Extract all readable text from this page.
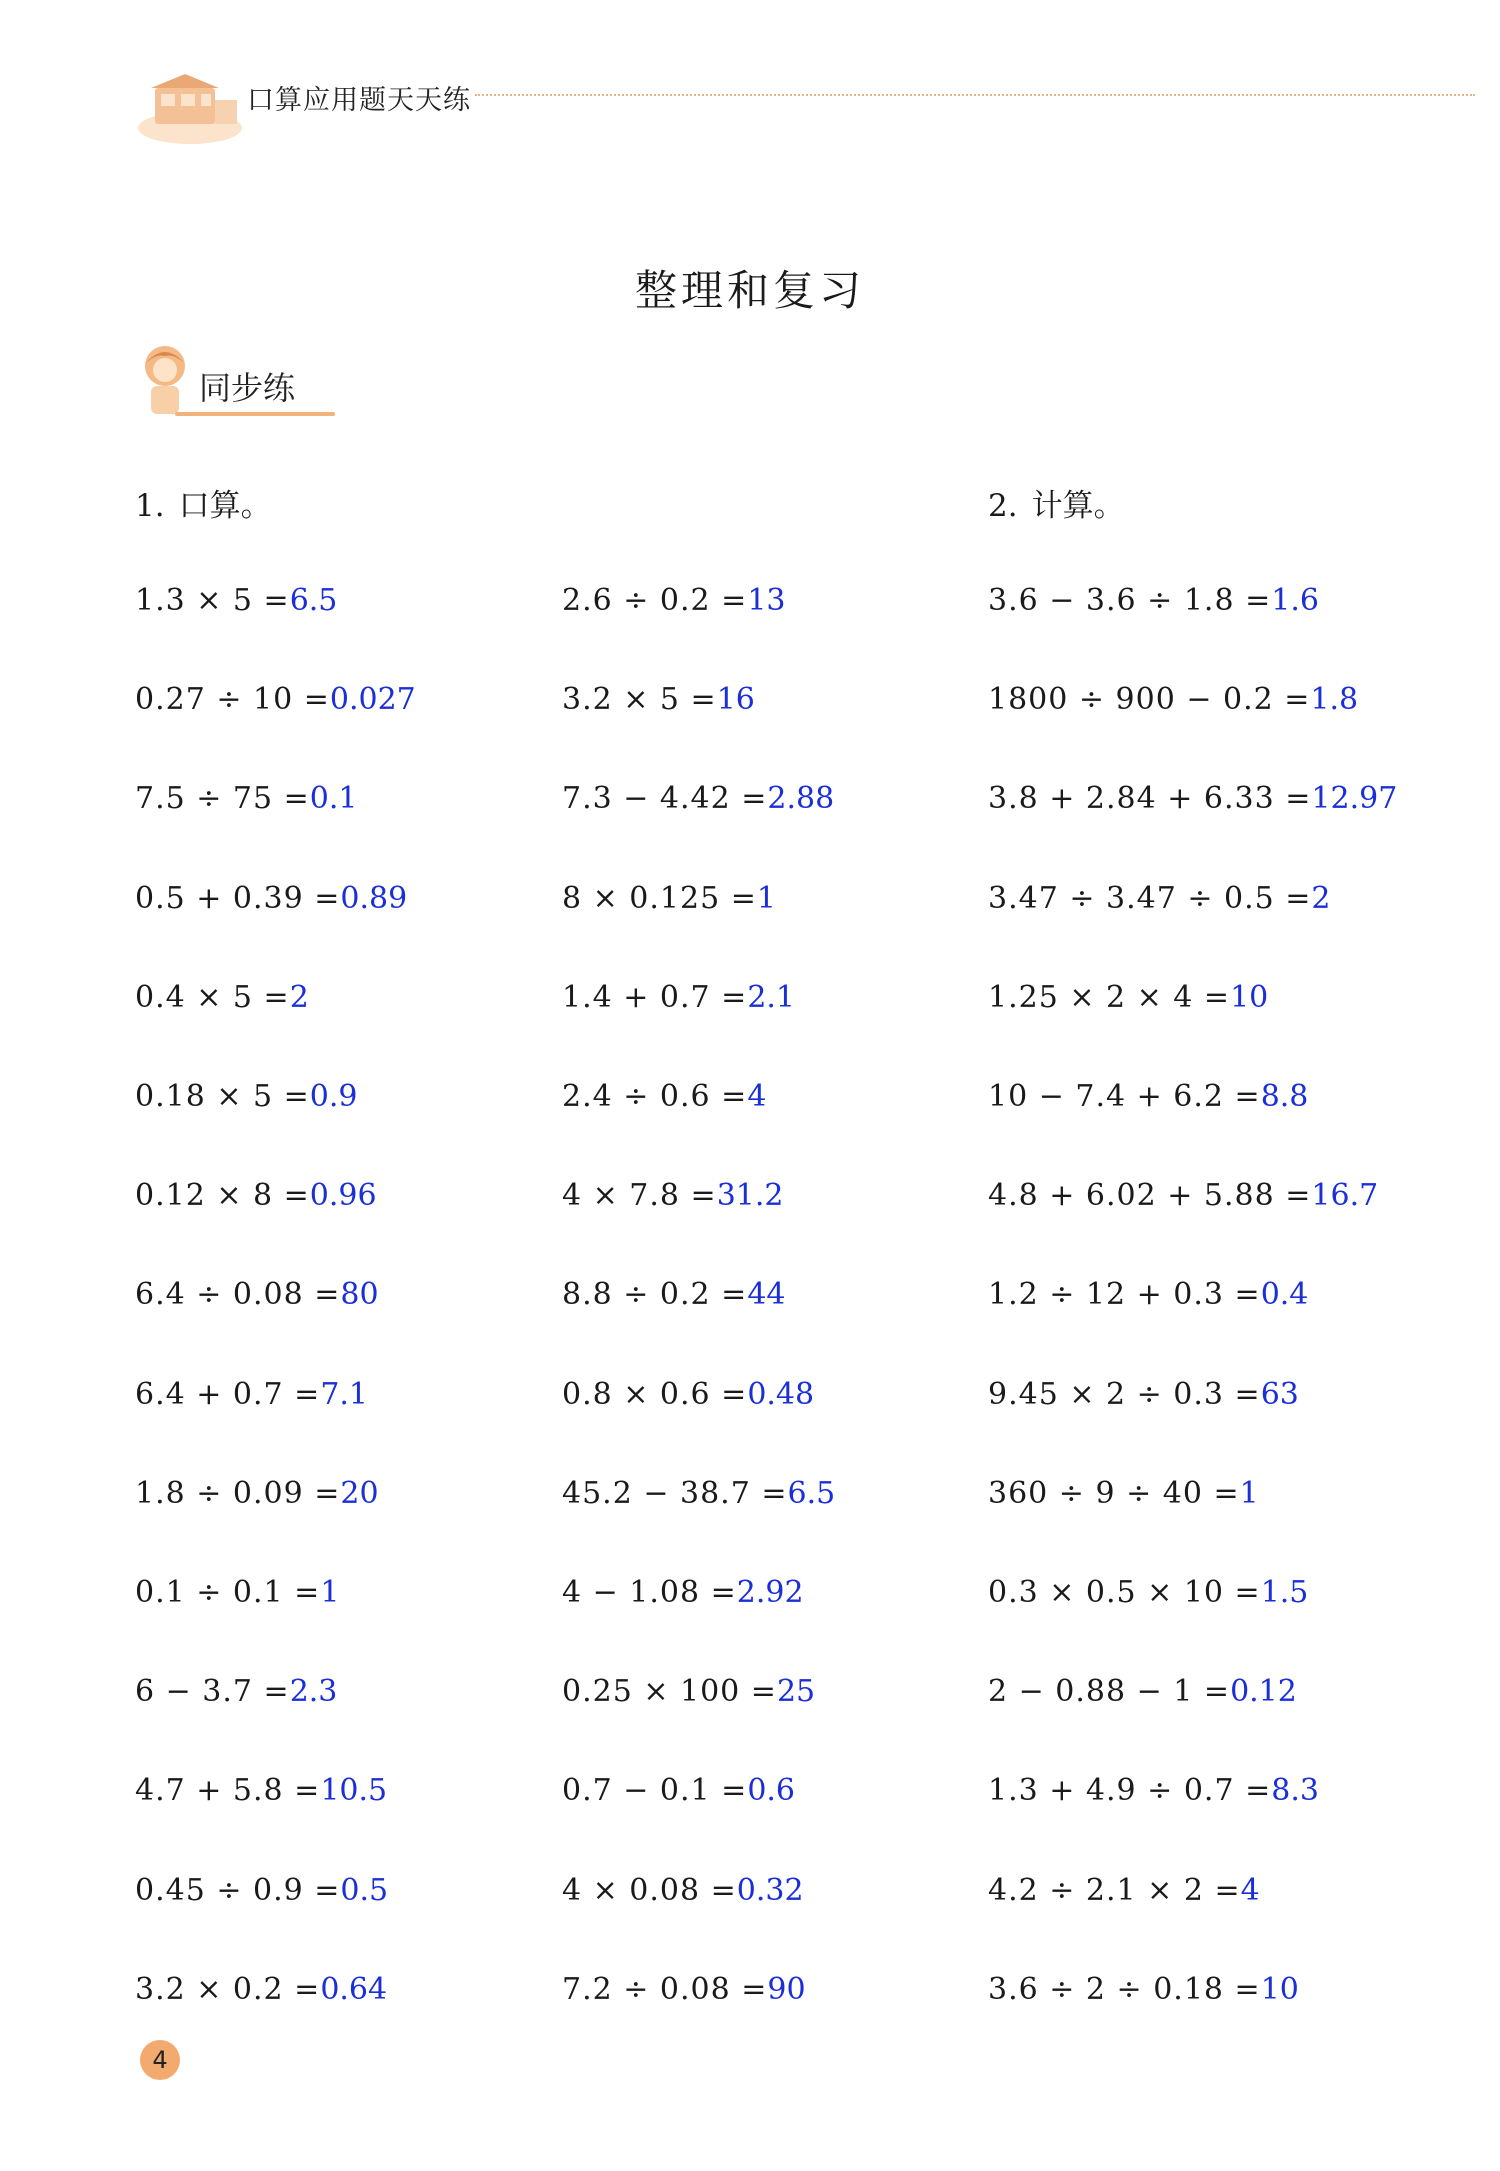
口算应用题天天练
整理和复习
同步练
1. 口算。	2. 计算。
1.3 × 5 =6.5
0.27 ÷ 10 =0.027
7.5 ÷ 75 =0.1
0.5 + 0.39 =0.89
0.4 × 5 =2
0.18 × 5 =0.9
0.12 × 8 =0.96
6.4 ÷ 0.08 =80
6.4 + 0.7 =7.1
1.8 ÷ 0.09 =20
0.1 ÷ 0.1 =1
6 − 3.7 =2.3
4.7 + 5.8 =10.5
0.45 ÷ 0.9 =0.5
3.2 × 0.2 =0.64
2.6 ÷ 0.2 =13
3.2 × 5 =16
7.3 − 4.42 =2.88
8 × 0.125 =1
1.4 + 0.7 =2.1
2.4 ÷ 0.6 =4
4 × 7.8 =31.2
8.8 ÷ 0.2 =44
0.8 × 0.6 =0.48
45.2 − 38.7 =6.5
4 − 1.08 =2.92
0.25 × 100 =25
0.7 − 0.1 =0.6
4 × 0.08 =0.32
7.2 ÷ 0.08 =90
3.6 − 3.6 ÷ 1.8 =1.6
1800 ÷ 900 − 0.2 =1.8
3.8 + 2.84 + 6.33 =12.97
3.47 ÷ 3.47 ÷ 0.5 =2
1.25 × 2 × 4 =10
10 − 7.4 + 6.2 =8.8
4.8 + 6.02 + 5.88 =16.7
1.2 ÷ 12 + 0.3 =0.4
9.45 × 2 ÷ 0.3 =63
360 ÷ 9 ÷ 40 =1
0.3 × 0.5 × 10 =1.5
2 − 0.88 − 1 =0.12
1.3 + 4.9 ÷ 0.7 =8.3
4.2 ÷ 2.1 × 2 =4
3.6 ÷ 2 ÷ 0.18 =10
4
